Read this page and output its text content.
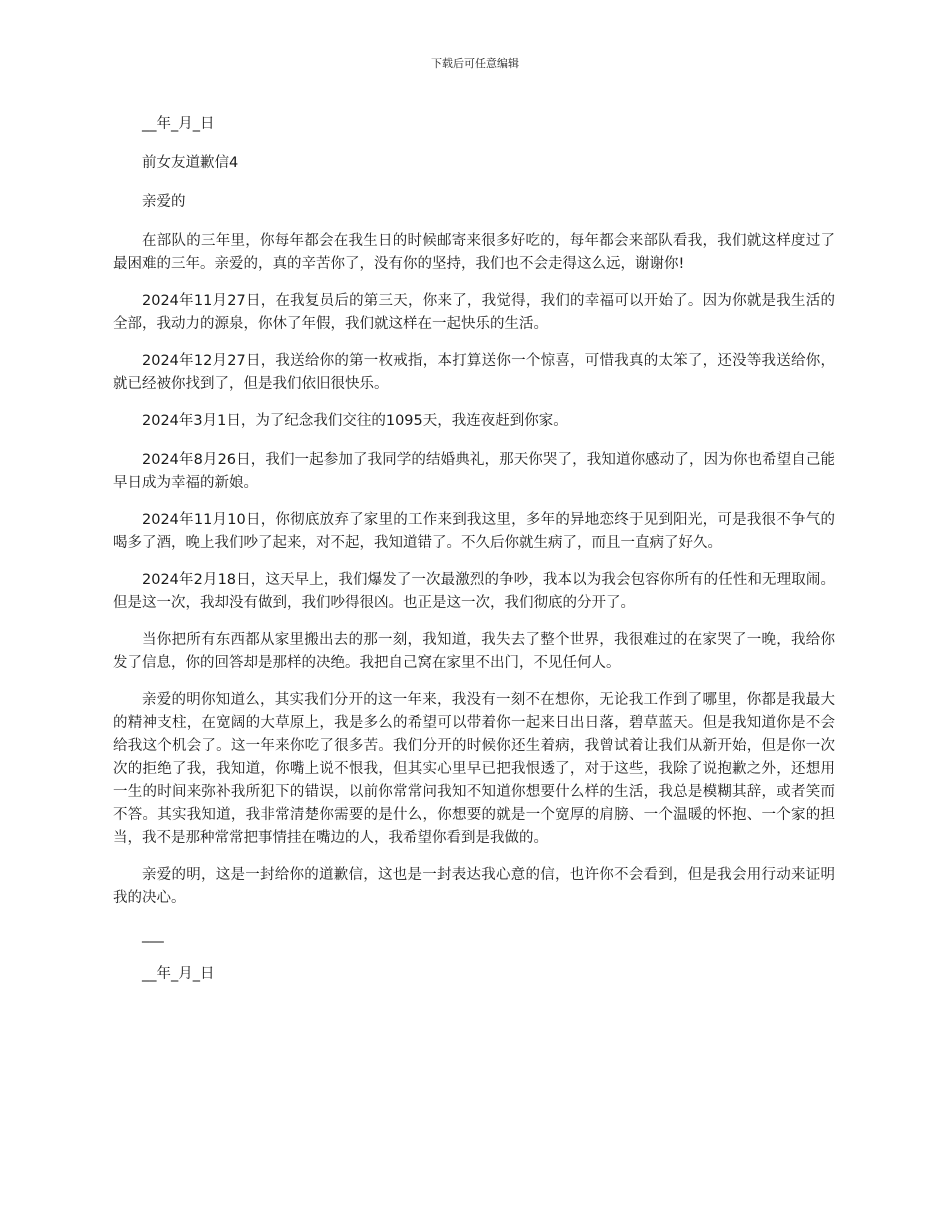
下载后可任意编辑

__年_月_日

前女友道歉信4

亲爱的

在部队的三年里，你每年都会在我生日的时候邮寄来很多好吃的，每年都会来部队看我，我们就这样度过了最困难的三年。亲爱的，真的辛苦你了，没有你的坚持，我们也不会走得这么远，谢谢你!

2024年11月27日，在我复员后的第三天，你来了，我觉得，我们的幸福可以开始了。因为你就是我生活的全部，我动力的源泉，你休了年假，我们就这样在一起快乐的生活。

2024年12月27日，我送给你的第一枚戒指，本打算送你一个惊喜，可惜我真的太笨了，还没等我送给你，就已经被你找到了，但是我们依旧很快乐。

2024年3月1日，为了纪念我们交往的1095天，我连夜赶到你家。

2024年8月26日，我们一起参加了我同学的结婚典礼，那天你哭了，我知道你感动了，因为你也希望自己能早日成为幸福的新娘。

2024年11月10日，你彻底放弃了家里的工作来到我这里，多年的异地恋终于见到阳光，可是我很不争气的喝多了酒，晚上我们吵了起来，对不起，我知道错了。不久后你就生病了，而且一直病了好久。

2024年2月18日，这天早上，我们爆发了一次最激烈的争吵，我本以为我会包容你所有的任性和无理取闹。但是这一次，我却没有做到，我们吵得很凶。也正是这一次，我们彻底的分开了。

当你把所有东西都从家里搬出去的那一刻，我知道，我失去了整个世界，我很难过的在家哭了一晚，我给你发了信息，你的回答却是那样的决绝。我把自己窝在家里不出门，不见任何人。

亲爱的明你知道么，其实我们分开的这一年来，我没有一刻不在想你，无论我工作到了哪里，你都是我最大的精神支柱，在宽阔的大草原上，我是多么的希望可以带着你一起来日出日落，碧草蓝天。但是我知道你是不会给我这个机会了。这一年来你吃了很多苦。我们分开的时候你还生着病，我曾试着让我们从新开始，但是你一次次的拒绝了我，我知道，你嘴上说不恨我，但其实心里早已把我恨透了，对于这些，我除了说抱歉之外，还想用一生的时间来弥补我所犯下的错误，以前你常常问我知不知道你想要什么样的生活，我总是模糊其辞，或者笑而不答。其实我知道，我非常清楚你需要的是什么，你想要的就是一个宽厚的肩膀、一个温暖的怀抱、一个家的担当，我不是那种常常把事情挂在嘴边的人，我希望你看到是我做的。

亲爱的明，这是一封给你的道歉信，这也是一封表达我心意的信，也许你不会看到，但是我会用行动来证明我的决心。

___

__年_月_日
